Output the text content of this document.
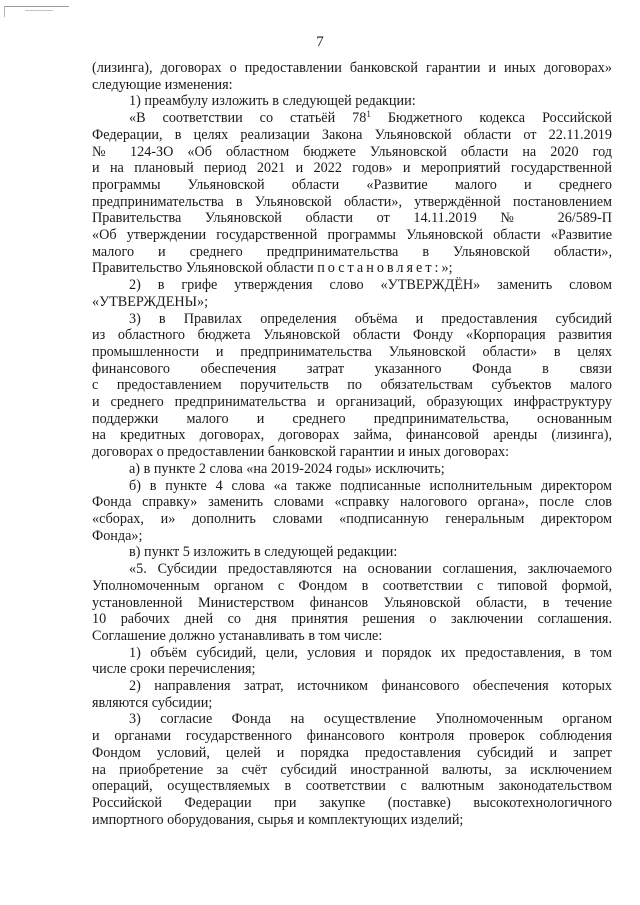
7

(лизинга), договорах о предоставлении банковской гарантии и иных договорах»

следующие изменения:

1) преамбулу изложить в следующей редакции:

«В соответствии со статьёй $78^1$ Бюджетного кодекса Российской

Федерации, в целях реализации Закона Ульяновской области от 22.11.2019

№ 124-ЗО «Об областном бюджете Ульяновской области на 2020 год

и на плановый период 2021 и 2022 годов» и мероприятий государственной

программы Ульяновской области «Развитие малого и среднего

предпринимательства в Ульяновской области», утверждённой постановлением

Правительства Ульяновской области от 14.11.2019 № 26/589-П

«Об утверждении государственной программы Ульяновской области «Развитие

малого и среднего предпринимательства в Ульяновской области»,

Правительство Ульяновской области постановляет:»;

2) в грифе утверждения слово «УТВЕРЖДЁН» заменить словом

«УТВЕРЖДЕНЫ»;

3) в Правилах определения объёма и предоставления субсидий

из областного бюджета Ульяновской области Фонду «Корпорация развития

промышленности и предпринимательства Ульяновской области» в целях

финансового обеспечения затрат указанного Фонда в связи

с предоставлением поручительств по обязательствам субъектов малого

и среднего предпринимательства и организаций, образующих инфраструктуру

поддержки малого и среднего предпринимательства, основанным

на кредитных договорах, договорах займа, финансовой аренды (лизинга),

договорах о предоставлении банковской гарантии и иных договорах:

а) в пункте 2 слова «на 2019-2024 годы» исключить;

б) в пункте 4 слова «а также подписанные исполнительным директором

Фонда справку» заменить словами «справку налогового органа», после слов

«сборах, и» дополнить словами «подписанную генеральным директором

Фонда»;

в) пункт 5 изложить в следующей редакции:

«5. Субсидии предоставляются на основании соглашения, заключаемого

Уполномоченным органом с Фондом в соответствии с типовой формой,

установленной Министерством финансов Ульяновской области, в течение

10 рабочих дней со дня принятия решения о заключении соглашения.

Соглашение должно устанавливать в том числе:

1) объём субсидий, цели, условия и порядок их предоставления, в том

числе сроки перечисления;

2) направления затрат, источником финансового обеспечения которых

являются субсидии;

3) согласие Фонда на осуществление Уполномоченным органом

и органами государственного финансового контроля проверок соблюдения

Фондом условий, целей и порядка предоставления субсидий и запрет

на приобретение за счёт субсидий иностранной валюты, за исключением

операций, осуществляемых в соответствии с валютным законодательством

Российской Федерации при закупке (поставке) высокотехнологичного

импортного оборудования, сырья и комплектующих изделий;
